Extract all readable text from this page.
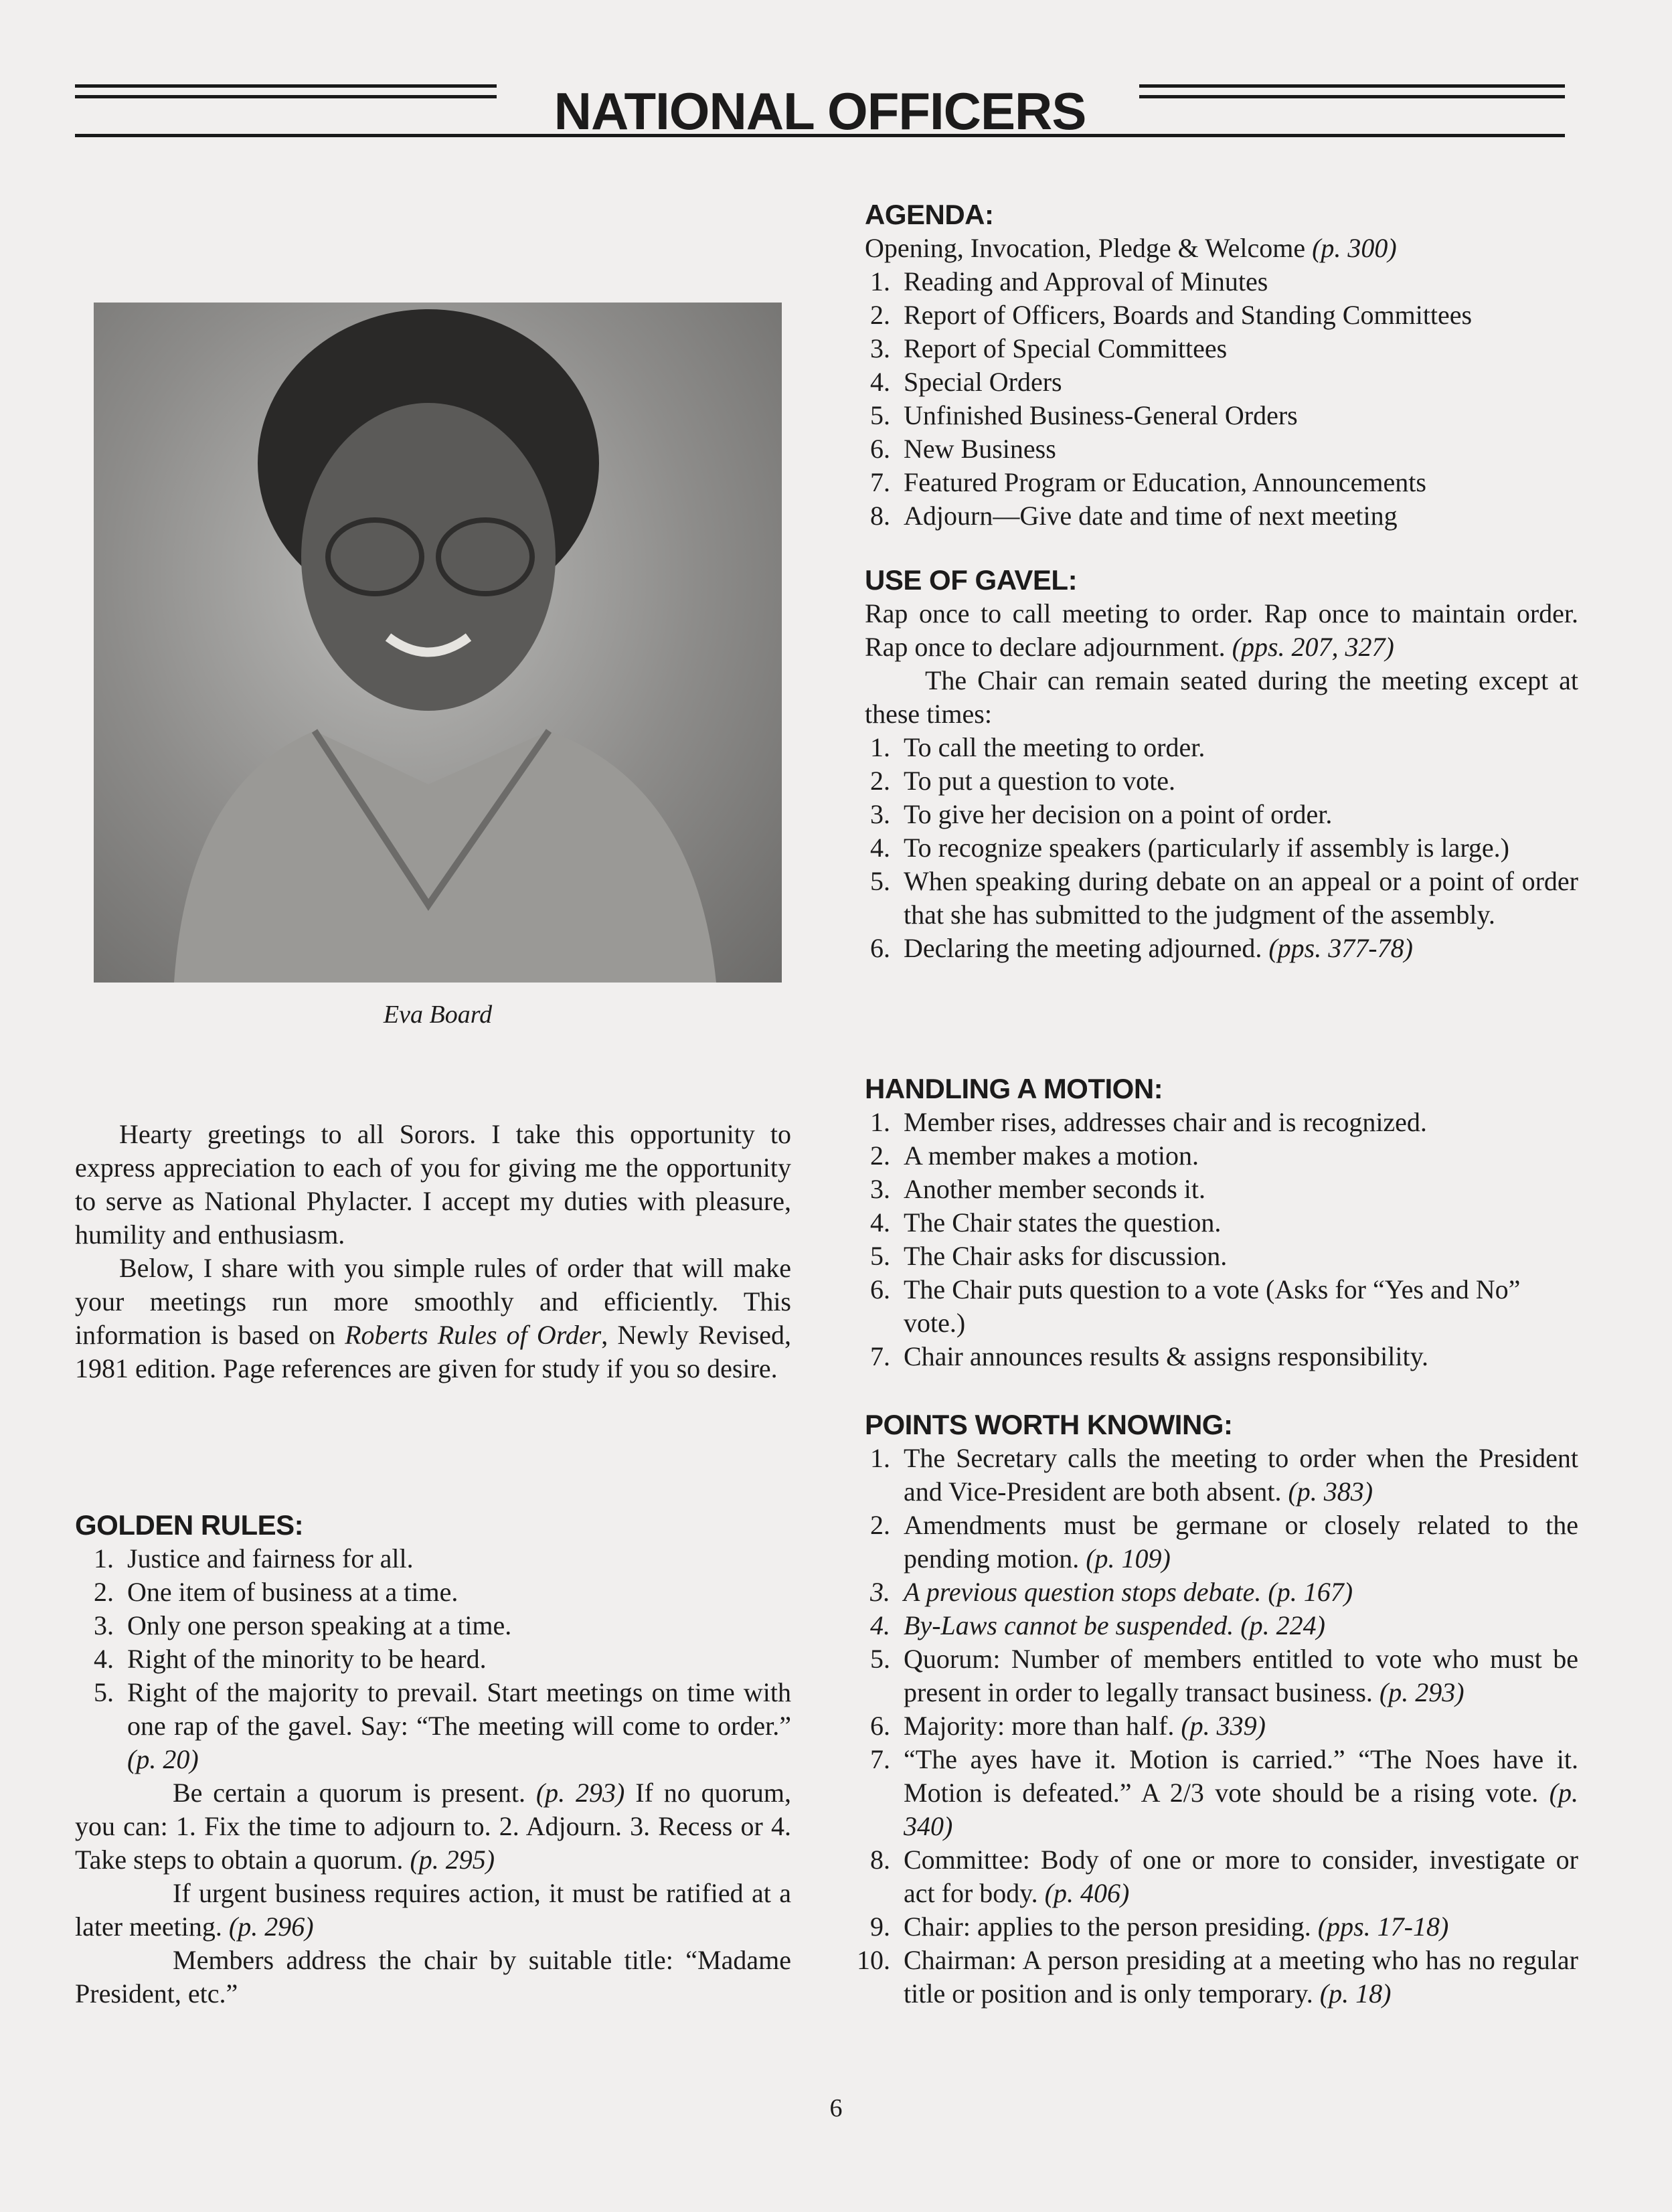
NATIONAL OFFICERS
Eva Board

Hearty greetings to all Sorors. I take this opportunity to express appreciation to each of you for giving me the opportunity to serve as National Phylacter. I accept my duties with pleasure, humility and enthusiasm.

Below, I share with you simple rules of order that will make your meetings run more smoothly and efficiently. This information is based on Roberts Rules of Order, Newly Revised, 1981 edition. Page references are given for study if you so desire.

GOLDEN RULES:
1. Justice and fairness for all.
2. One item of business at a time.
3. Only one person speaking at a time.
4. Right of the minority to be heard.
5. Right of the majority to prevail. Start meetings on time with one rap of the gavel. Say: “The meeting will come to order.” (p. 20)

Be certain a quorum is present. (p. 293) If no quorum, you can: 1. Fix the time to adjourn to. 2. Adjourn. 3. Recess or 4. Take steps to obtain a quorum. (p. 295)

If urgent business requires action, it must be ratified at a later meeting. (p. 296)

Members address the chair by suitable title: “Madame President, etc.”

AGENDA:

Opening, Invocation, Pledge & Welcome (p. 300)

1. Reading and Approval of Minutes
2. Report of Officers, Boards and Standing Committees
3. Report of Special Committees
4. Special Orders
5. Unfinished Business-General Orders
6. New Business
7. Featured Program or Education, Announcements
8. Adjourn—Give date and time of next meeting
USE OF GAVEL:

Rap once to call meeting to order. Rap once to maintain order. Rap once to declare adjournment. (pps. 207, 327)

The Chair can remain seated during the meeting except at these times:

1. To call the meeting to order.
2. To put a question to vote.
3. To give her decision on a point of order.
4. To recognize speakers (particularly if assembly is large.)
5. When speaking during debate on an appeal or a point of order that she has submitted to the judgment of the assembly.
6. Declaring the meeting adjourned. (pps. 377-78)
HANDLING A MOTION:
1. Member rises, addresses chair and is recognized.
2. A member makes a motion.
3. Another member seconds it.
4. The Chair states the question.
5. The Chair asks for discussion.
6. The Chair puts question to a vote (Asks for “Yes and No” vote.)
7. Chair announces results & assigns responsibility.
POINTS WORTH KNOWING:
1. The Secretary calls the meeting to order when the President and Vice-President are both absent. (p. 383)
2. Amendments must be germane or closely related to the pending motion. (p. 109)
3. A previous question stops debate. (p. 167)
4. By-Laws cannot be suspended. (p. 224)
5. Quorum: Number of members entitled to vote who must be present in order to legally transact business. (p. 293)
6. Majority: more than half. (p. 339)
7. “The ayes have it. Motion is carried.” “The Noes have it. Motion is defeated.” A 2/3 vote should be a rising vote. (p. 340)
8. Committee: Body of one or more to consider, investigate or act for body. (p. 406)
9. Chair: applies to the person presiding. (pps. 17-18)
10. Chairman: A person presiding at a meeting who has no regular title or position and is only temporary. (p. 18)
6
